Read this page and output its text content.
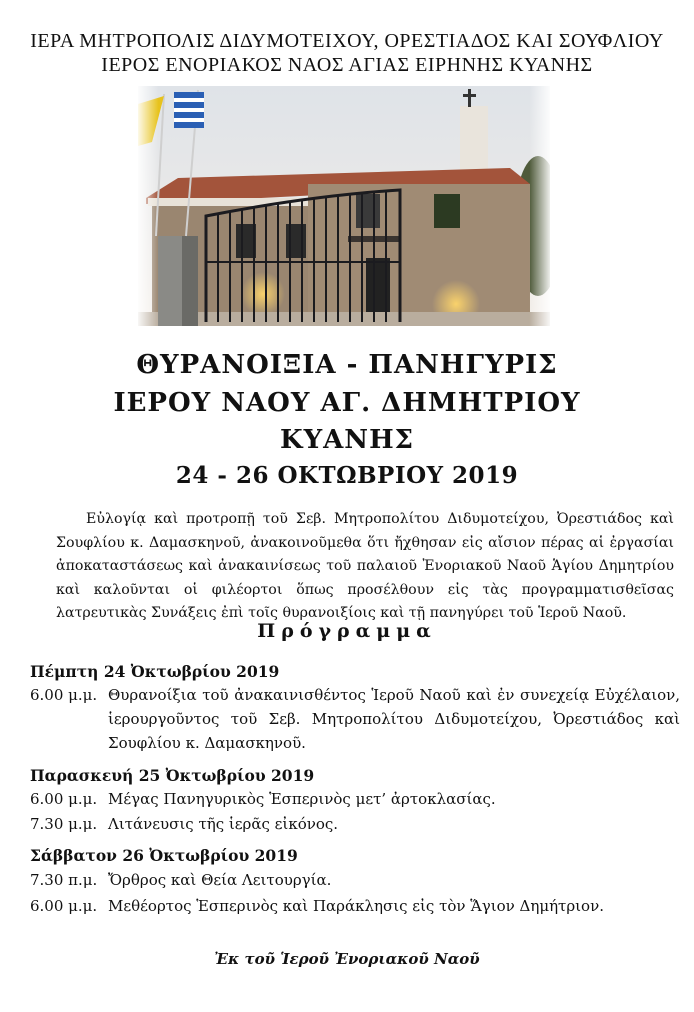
ΙΕΡΑ ΜΗΤΡΟΠΟΛΙΣ ΔΙΔΥΜΟΤΕΙΧΟΥ, ΟΡΕΣΤΙΑΔΟΣ ΚΑΙ ΣΟΥΦΛΙΟΥ
ΙΕΡΟΣ ΕΝΟΡΙΑΚΟΣ ΝΑΟΣ ΑΓΙΑΣ ΕΙΡΗΝΗΣ ΚΥΑΝΗΣ
ΘΥΡΑΝΟΙΞΙΑ - ΠΑΝΗΓΥΡΙΣ
ΙΕΡΟΥ ΝΑΟΥ ΑΓ. ΔΗΜΗΤΡΙΟΥ
ΚΥΑΝΗΣ
24 - 26 ΟΚΤΩΒΡΙΟΥ 2019
Εὐλογίᾳ καὶ προτροπῇ τοῦ Σεβ. Μητροπολίτου Διδυμοτείχου, Ὀρεστιάδος καὶ Σουφλίου κ. Δαμασκηνοῦ, ἀνακοινοῦμεθα ὅτι ἤχθησαν εἰς αἴσιον πέρας αἱ ἐργασίαι ἀποκαταστάσεως καὶ ἀνακαινίσεως τοῦ παλαιοῦ Ἐνοριακοῦ Ναοῦ Ἁγίου Δημητρίου καὶ καλοῦνται οἱ φιλέορτοι ὅπως προσέλθουν εἰς τὰς προγραμματισθεῖσας λατρευτικὰς Συνάξεις ἐπὶ τοῖς θυρανοιξίοις καὶ τῇ πανηγύρει τοῦ Ἱεροῦ Ναοῦ.
Πρόγραμμα
Πέμπτη 24 Ὀκτωβρίου 2019
6.00 μ.μ. Θυρανοίξια τοῦ ἀνακαινισθέντος Ἱεροῦ Ναοῦ καὶ ἐν συνεχείᾳ Εὐχέλαιον, ἱερουργοῦντος τοῦ Σεβ. Μητροπολίτου Διδυμοτείχου, Ὀρεστιάδος καὶ Σουφλίου κ. Δαμασκηνοῦ.
Παρασκευή 25 Ὀκτωβρίου 2019
6.00 μ.μ. Μέγας Πανηγυρικὸς Ἑσπερινὸς μετ’ ἀρτοκλασίας.
7.30 μ.μ. Λιτάνευσις τῆς ἱερᾶς εἰκόνος.
Σάββατον 26 Ὀκτωβρίου 2019
7.30 π.μ. Ὄρθρος καὶ Θεία Λειτουργία.
6.00 μ.μ. Μεθέορτος Ἑσπερινὸς καὶ Παράκλησις εἰς τὸν Ἅγιον Δημήτριον.
Ἐκ τοῦ Ἱεροῦ Ἐνοριακοῦ Ναοῦ
